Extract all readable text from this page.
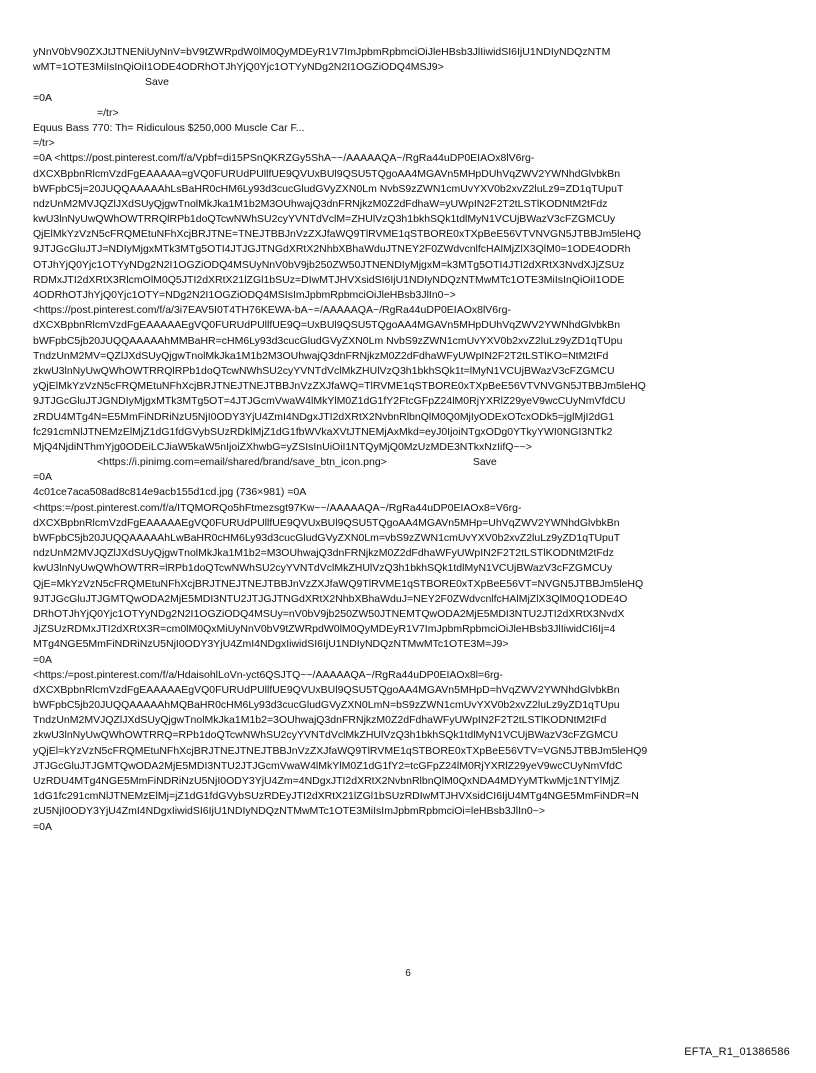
yNnV0bV90ZXJtJTNENiUyNnV=bV9tZWRpdW0lM0QyMDEyR1V7ImJpbmRpbmciOiJleHBsb3JlIiwidSI6IjU1NDIyNDQzNTM
wMT=1OTE3MiIsInQiOiI1ODE4ODRhOTJhYjQ0Yjc1OTYyNDg2N2I1OGZiODQ4MSJ9>
Save
=0A
=/tr>
Equus Bass 770: Th= Ridiculous $250,000 Muscle Car F...
=/tr>
=0A <https://post.pinterest.com/f/a/Vpbf=di15PSnQKRZGy5ShA~~/AAAAAQA~/RgRa44uDP0EIAOx8lV6rg-
dXCXBpbnRlcmVzdFgEAAAAA=gVQ0FURUdPUllfUE9QVUxBUl9QSU5TQgoAA4MGAVn5MHpDUhVqZWV2YWNhdGlvbkBn
bWFpbC5j=20JUQQAAAAAhLsBaHR0cHM6Ly93d3cucGludGVyZXN0Lm NvbS9zZWN1cmUvYXV0b2xvZ2luLz9=ZD1qTUpuT
ndzUnM2MVJQZlJXdSUyQjgwTnolMkJka1M1b2M3OUhwajQ3dnFRNjkzM0Z2dFdhaW=yUWpIN2F2T2tLSTlKODNtM2tFdz
kwU3lnNyUwQWhOWTRRQlRPb1doQTcwNWhSU2cyYVNTdVclM=ZHUlVzQ3h1bkhSQk1tdlMyN1VCUjBWazV3cFZGMCUy
QjElMkYzVzN5cFRQMEtuNFhXcjBRJTNE=TNEJTBBJnVzZXJfaWQ9TlRVME1qSTBORE0xTXpBeE56VTVNVGN5JTBBJm5leHQ
9JTJGcGluJTJ=NDIyMjgxMTk3MTg5OTI4JTJGJTNGdXRtX2NhbXBhaWduJTNEY2F0ZWdvcnlfcHAlMjZlX3QlM0=1ODE4ODRh
OTJhYjQ0Yjc1OTYyNDg2N2I1OGZiODQ4MSUyNnV0bV9jb250ZW50JTNENDIyMjgxM=k3MTg5OTI4JTI2dXRtX3NvdXJjZSUz
RDMxJTI2dXRtX3RlcmOlM0Q5JTI2dXRtX21lZGl1bSUz=DIwMTJHVXsidSI6IjU1NDIyNDQzNTMwMTc1OTE3MiIsInQiOiI1ODE
4ODRhOTJhYjQ0Yjc1OTY=NDg2N2I1OGZiODQ4MSIsImJpbmRpbmciOiJleHBsb3JlIn0~>
<https://post.pinterest.com/f/a/3i7EAV5I0T4TH76KEWA-bA~=/AAAAAQA~/RgRa44uDP0EIAOx8lV6rg-
dXCXBpbnRlcmVzdFgEAAAAAEgVQ0FURUdPUllfUE9Q=UxBUl9QSU5TQgoAA4MGAVn5MHpDUhVqZWV2YWNhdGlvbkBn
bWFpbC5jb20JUQQAAAAAhMMBaHR=cHM6Ly93d3cucGludGVyZXN0Lm NvbS9zZWN1cmUvYXV0b2xvZ2luLz9yZD1qTUpu
TndzUnM2MV=QZlJXdSUyQjgwTnolMkJka1M1b2M3OUhwajQ3dnFRNjkzM0Z2dFdhaWFyUWpIN2F2T2tLSTlKO=NtM2tFd
zkwU3lnNyUwQWhOWTRRQlRPb1doQTcwNWhSU2cyYVNTdVclMkZHUlVzQ3h1bkhSQk1t=lMyN1VCUjBWazV3cFZGMCU
yQjElMkYzVzN5cFRQMEtuNFhXcjBRJTNEJTNEJTBBJnVzZXJfaWQ=TlRVME1qSTBORE0xTXpBeE56VTVNVGN5JTBBJm5leHQ
9JTJGcGluJTJGNDIyMjgxMTk3MTg5OT=4JTJGcmVwaW4lMkYlM0Z1dG1fY2FtcGFpZ24lM0RjYXRlZ29yeV9wcCUyNmVfdCU
zRDU4MTg4N=E5MmFiNDRiNzU5NjI0ODY3YjU4ZmI4NDgxJTI2dXRtX2NvbnRlbnQlM0Q0MjIyODExOTcxODk5=jglMjI2dG1
fc291cmNlJTNEMzElMjZ1dG1fdGVybSUzRDklMjZ1dG1fbWVkaXVtJTNEMjAxMkd=eyJ0IjoiNTgxODg0YTkyYWI0NGI3NTk2
MjQ4NjdiNThmYjg0ODEiLCJiaW5kaW5nIjoiZXhwbG=yZSIsInUiOiI1NTQyMjQ0MzUzMDE3NTkxNzIifQ~~>
<https://i.pinimg.com=email/shared/brand/save_btn_icon.png>	Save
=0A
4c01ce7aca508ad8c814e9acb155d1cd.jpg (736×981) =0A
<https:=/post.pinterest.com/f/a/ITQMORQo5hFtmezsgt97Kw~~/AAAAAQA~/RgRa44uDP0EIAOx8=V6rg-
dXCXBpbnRlcmVzdFgEAAAAAEgVQ0FURUdPUllfUE9QVUxBUl9QSU5TQgoAA4MGAVn5MHp=UhVqZWV2YWNhdGlvbkBn
bWFpbC5jb20JUQQAAAAAhLwBaHR0cHM6Ly93d3cucGludGVyZXN0Lm=vbS9zZWN1cmUvYXV0b2xvZ2luLz9yZD1qTUpuT
ndzUnM2MVJQZlJXdSUyQjgwTnolMkJka1M1b2=M3OUhwajQ3dnFRNjkzM0Z2dFdhaWFyUWpIN2F2T2tLSTlKODNtM2tFdz
kwU3lnNyUwQWhOWTRR=lRPb1doQTcwNWhSU2cyYVNTdVclMkZHUlVzQ3h1bkhSQk1tdlMyN1VCUjBWazV3cFZGMCUy
QjE=MkYzVzN5cFRQMEtuNFhXcjBRJTNEJTNEJTBBJnVzZXJfaWQ9TlRVME1qSTBORE0xTXpBeE56VT=NVGN5JTBBJm5leHQ
9JTJGcGluJTJGMTQwODA2MjE5MDI3NTU2JTJGJTNGdXRtX2NhbXBhaWduJ=NEY2F0ZWdvcnlfcHAlMjZlX3QlM0Q1ODE4O
DRhOTJhYjQ0Yjc1OTYyNDg2N2I1OGZiODQ4MSUy=nV0bV9jb250ZW50JTNEMTQwODA2MjE5MDI3NTU2JTI2dXRtX3NvdX
JjZSUzRDMxJTI2dXRtX3R=cm0lM0QxMiUyNnV0bV9tZWRpdW0lM0QyMDEyR1V7ImJpbmRpbmciOiJleHBsb3JlIiwidCI6Ij=4
MTg4NGE5MmFiNDRiNzU5NjI0ODY3YjU4ZmI4NDgxIiwidSI6IjU1NDIyNDQzNTMwMTc1OTE3M=J9>
=0A
<https:/=post.pinterest.com/f/a/HdaisohlLoVn-yct6QSJTQ~~/AAAAAQA~/RgRa44uDP0EIAOx8l=6rg-
dXCXBpbnRlcmVzdFgEAAAAAEgVQ0FURUdPUllfUE9QVUxBUl9QSU5TQgoAA4MGAVn5MHpD=hVqZWV2YWNhdGlvbkBn
bWFpbC5jb20JUQQAAAAAhMQBaHR0cHM6Ly93d3cucGludGVyZXN0LmN=bS9zZWN1cmUvYXV0b2xvZ2luLz9yZD1qTUpu
TndzUnM2MVJQZlJXdSUyQjgwTnolMkJka1M1b2=3OUhwajQ3dnFRNjkzM0Z2dFdhaWFyUWpIN2F2T2tLSTlKODNtM2tFd
zkwU3lnNyUwQWhOWTRRQ=RPb1doQTcwNWhSU2cyYVNTdVclMkZHUlVzQ3h1bkhSQk1tdlMyN1VCUjBWazV3cFZGMCU
yQjEl=kYzVzN5cFRQMEtuNFhXcjBRJTNEJTNEJTBBJnVzZXJfaWQ9TlRVME1qSTBORE0xTXpBeE56VTV=VGN5JTBBJm5leHQ9
JTJGcGluJTJGMTQwODA2MjE5MDI3NTU2JTJGcmVwaW4lMkYlM0Z1dG1fY2=tcGFpZ24lM0RjYXRlZ29yeV9wcCUyNmVfdC
UzRDU4MTg4NGE5MmFiNDRiNzU5NjI0ODY3YjU4Zm=4NDgxJTI2dXRtX2NvbnRlbnQlM0QxNDA4MDYyMTkwMjc1NTYlMjZ
1dG1fc291cmNlJTNEMzElMj=jZ1dG1fdGVybSUzRDEyJTI2dXRtX21lZGl1bSUzRDIwMTJHVXsidCI6IjU4MTg4NGE5MmFiNDR=N
zU5NjI0ODY3YjU4ZmI4NDgxIiwidSI6IjU1NDIyNDQzNTMwMTc1OTE3MiIsImJpbmRpbmciOi=leHBsb3JlIn0~>
=0A
6
EFTA_R1_01386586
